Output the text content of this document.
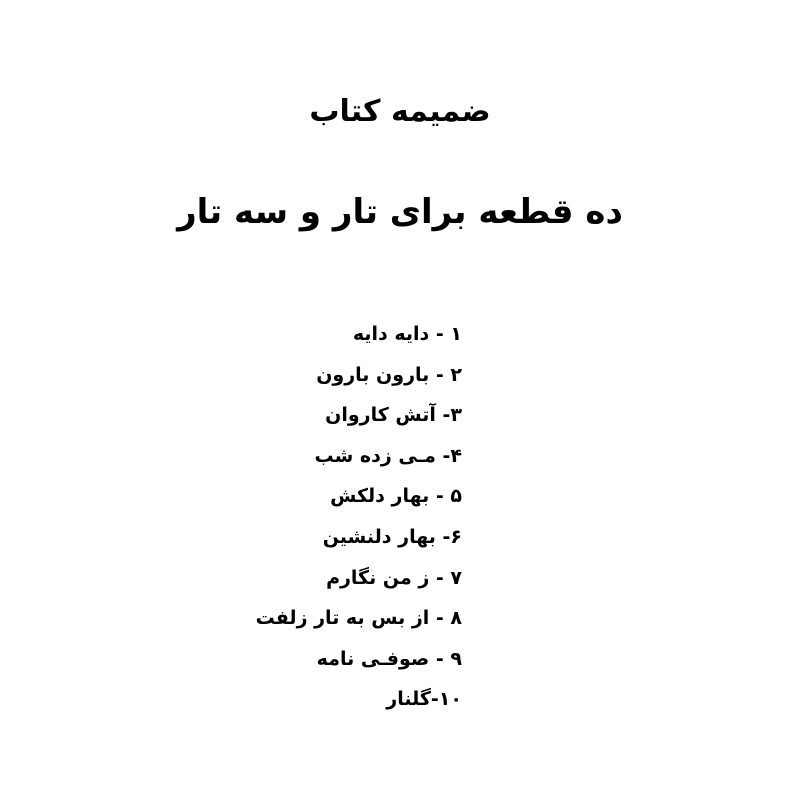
ضمیمه کتاب
ده قطعه برای تار و سه تار
۱ - دایه دایه
۲ - بارون بارون
۳- آتش کاروان
۴- مـی زده شب
۵ - بهار دلکش
۶- بهار دلنشین
۷ - ز من نگارم
۸ - از بس به تار زلفت
۹ - صوفـی نامه
۱۰-گلنار
